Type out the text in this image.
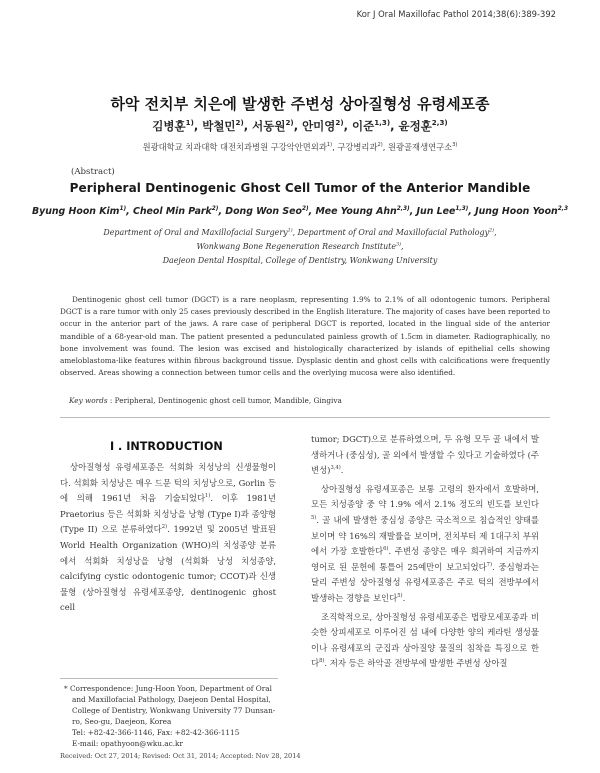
Kor J Oral Maxillofac Pathol 2014;38(6):389-392
하악 전치부 치은에 발생한 주변성 상아질형성 유령세포종
김병훈$^{1)}$, 박철민$^{2)}$, 서동원$^{2)}$, 안미영$^{2)}$, 이준$^{1,3)}$, 윤정훈$^{2,3)}$
원광대학교 치과대학 대전치과병원 구강악안면외과$^{1)}$, 구강병리과$^{2)}$, 원광골재생연구소$^{3)}$
(Abstract)
Peripheral Dentinogenic Ghost Cell Tumor of the Anterior Mandible
Byung Hoon Kim$^{1)}$, Cheol Min Park$^{2)}$, Dong Won Seo$^{2)}$, Mee Young Ahn$^{2,3)}$, Jun Lee$^{1,3)}$, Jung Hoon Yoon$^{2,3}$
Department of Oral and Maxillofacial Surgery$^{1)}$, Department of Oral and Maxillofacial Pathology$^{2)}$,
Wonkwang Bone Regeneration Research Institute$^{3)}$,
Daejeon Dental Hospital, College of Dentistry, Wonkwang University

Dentinogenic ghost cell tumor (DGCT) is a rare neoplasm, representing 1.9% to 2.1% of all odontogenic tumors. Peripheral DGCT is a rare tumor with only 25 cases previously described in the English literature. The majority of cases have been reported to occur in the anterior part of the jaws. A rare case of peripheral DGCT is reported, located in the lingual side of the anterior mandible of a 68-year-old man. The patient presented a pedunculated painless growth of 1.5cm in diameter. Radiographically, no bone involvement was found. The lesion was excised and histologically characterized by islands of epithelial cells showing ameloblastoma-like features within fibrous background tissue. Dysplasic dentin and ghost cells with calcifications were frequently observed. Areas showing a connection between tumor cells and the overlying mucosa were also identified.

Key words : Peripheral, Dentinogenic ghost cell tumor, Mandible, Gingiva
I . INTRODUCTION

상아질형성 유령세포종은 석회화 치성낭의 신생물형이다. 석회화 치성낭은 매우 드문 턱의 치성낭으로, Gorlin 등에 의해 1961년 처음 기술되었다$^{1)}$. 이후 1981년 Praetorius 등은 석회화 치성낭을 낭형 (Type I)과 종양형 (Type II) 으로 분류하였다$^{2)}$. 1992년 및 2005년 발표된 World Health Organization (WHO)의 치성종양 분류에서 석회화 치성낭을 낭형 (석회화 낭성 치성종양, calcifying cystic odontogenic tumor; CCOT)과 신생물형 (상아질형성 유령세포종양, dentinogenic ghost cell

tumor; DGCT)으로 분류하였으며, 두 유형 모두 골 내에서 발생하거나 (중심성), 골 외에서 발생할 수 있다고 기술하였다 (주변성)$^{3,4)}$.

상아질형성 유령세포종은 보통 고령의 환자에서 호발하며, 모든 치성종양 중 약 1.9% 에서 2.1% 정도의 빈도를 보인다$^{5)}$. 골 내에 발생한 중심성 종양은 국소적으로 침습적인 양태를 보이며 약 16%의 재발률을 보이며, 전치부터 제 1대구치 부위에서 가장 호발한다$^{6)}$. 주변성 종양은 매우 희귀하여 지금까지 영어로 된 문헌에 통틀어 25예만이 보고되었다$^{7)}$. 중심형과는 달리 주변성 상아질형성 유령세포종은 주로 턱의 전방부에서 발생하는 경향을 보인다$^{5)}$.

조직학적으로, 상아질형성 유령세포종은 법랑모세포종과 비슷한 상피세포로 이루어진 섬 내에 다양한 양의 케라틴 생성물이나 유령세포의 군집과 상아질양 물질의 침착을 특징으로 한다$^{8)}$. 저자 등은 하악골 전방부에 발생한 주변성 상아질

* Correspondence: Jung-Hoon Yoon, Department of Oral and Maxillofacial Pathology, Daejeon Dental Hospital, College of Dentistry, Wonkwang University 77 Dunsan-ro, Seo-gu, Daejeon, Korea
Tel: +82-42-366-1146, Fax: +82-42-366-1115
E-mail: opathyoon@wku.ac.kr
Received: Oct 27, 2014; Revised: Oct 31, 2014; Accepted: Nov 28, 2014
